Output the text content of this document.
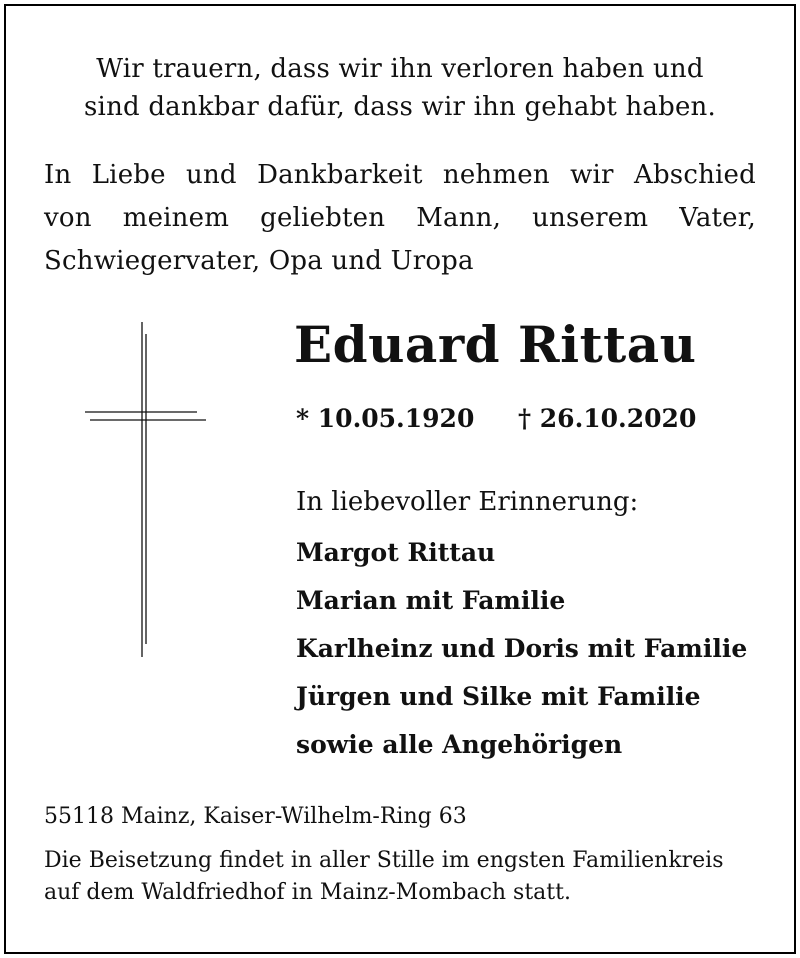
Wir trauern, dass wir ihn verloren haben und
sind dankbar dafür, dass wir ihn gehabt haben.
In Liebe und Dankbarkeit nehmen wir Abschied
von meinem geliebten Mann, unserem Vater,
Schwiegervater, Opa und Uropa
Eduard Rittau
* 10.05.1920 † 26.10.2020
In liebevoller Erinnerung:
Margot Rittau
Marian mit Familie
Karlheinz und Doris mit Familie
Jürgen und Silke mit Familie
sowie alle Angehörigen
55118 Mainz, Kaiser-Wilhelm-Ring 63
Die Beisetzung findet in aller Stille im engsten Familienkreis
auf dem Waldfriedhof in Mainz-Mombach statt.
